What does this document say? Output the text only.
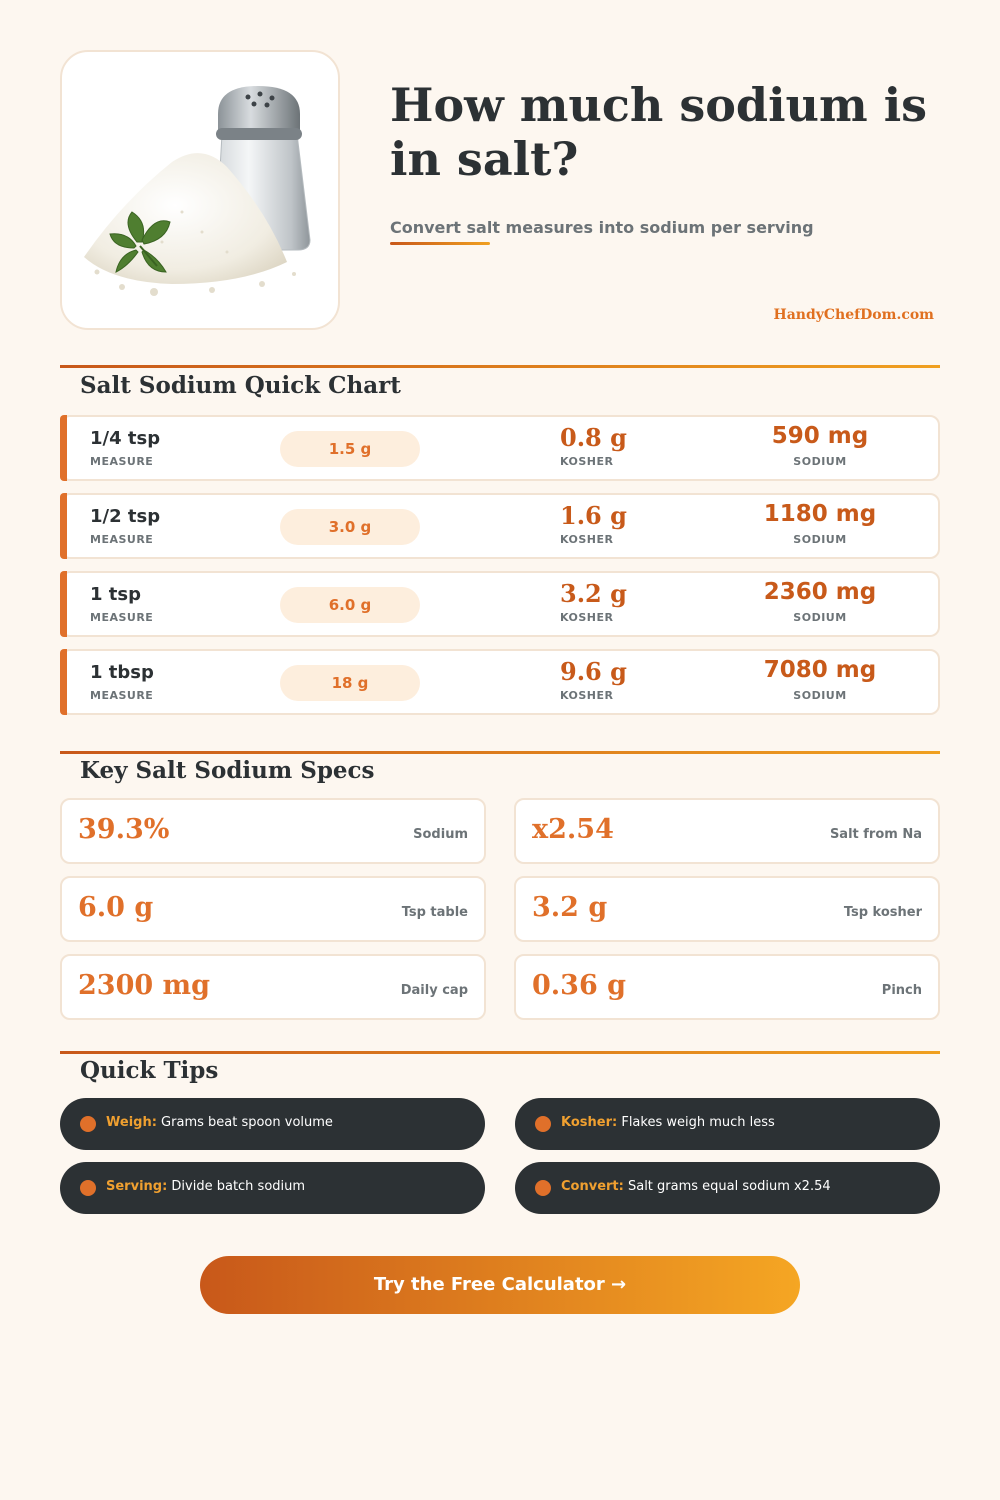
How much sodium is in salt?
Convert salt measures into sodium per serving
HandyChefDom.com
Salt Sodium Quick Chart
1/4 tsp
MEASURE
1.5 g	0.8 g
KOSHER
590 mg
SODIUM
1/2 tsp
MEASURE
3.0 g	1.6 g
KOSHER
1180 mg
SODIUM
1 tsp
MEASURE
6.0 g	3.2 g
KOSHER
2360 mg
SODIUM
1 tbsp
MEASURE
18 g	9.6 g
KOSHER
7080 mg
SODIUM
Key Salt Sodium Specs
39.3%	Sodium x2.54	Salt from Na
6.0 g	Tsp table 3.2 g	Tsp kosher
2300 mg	Daily cap 0.36 g	Pinch
Quick Tips
Weigh: Grams beat spoon volume	Kosher: Flakes weigh much less
Serving: Divide batch sodium	Convert: Salt grams equal sodium x2.54
Try the Free Calculator →
